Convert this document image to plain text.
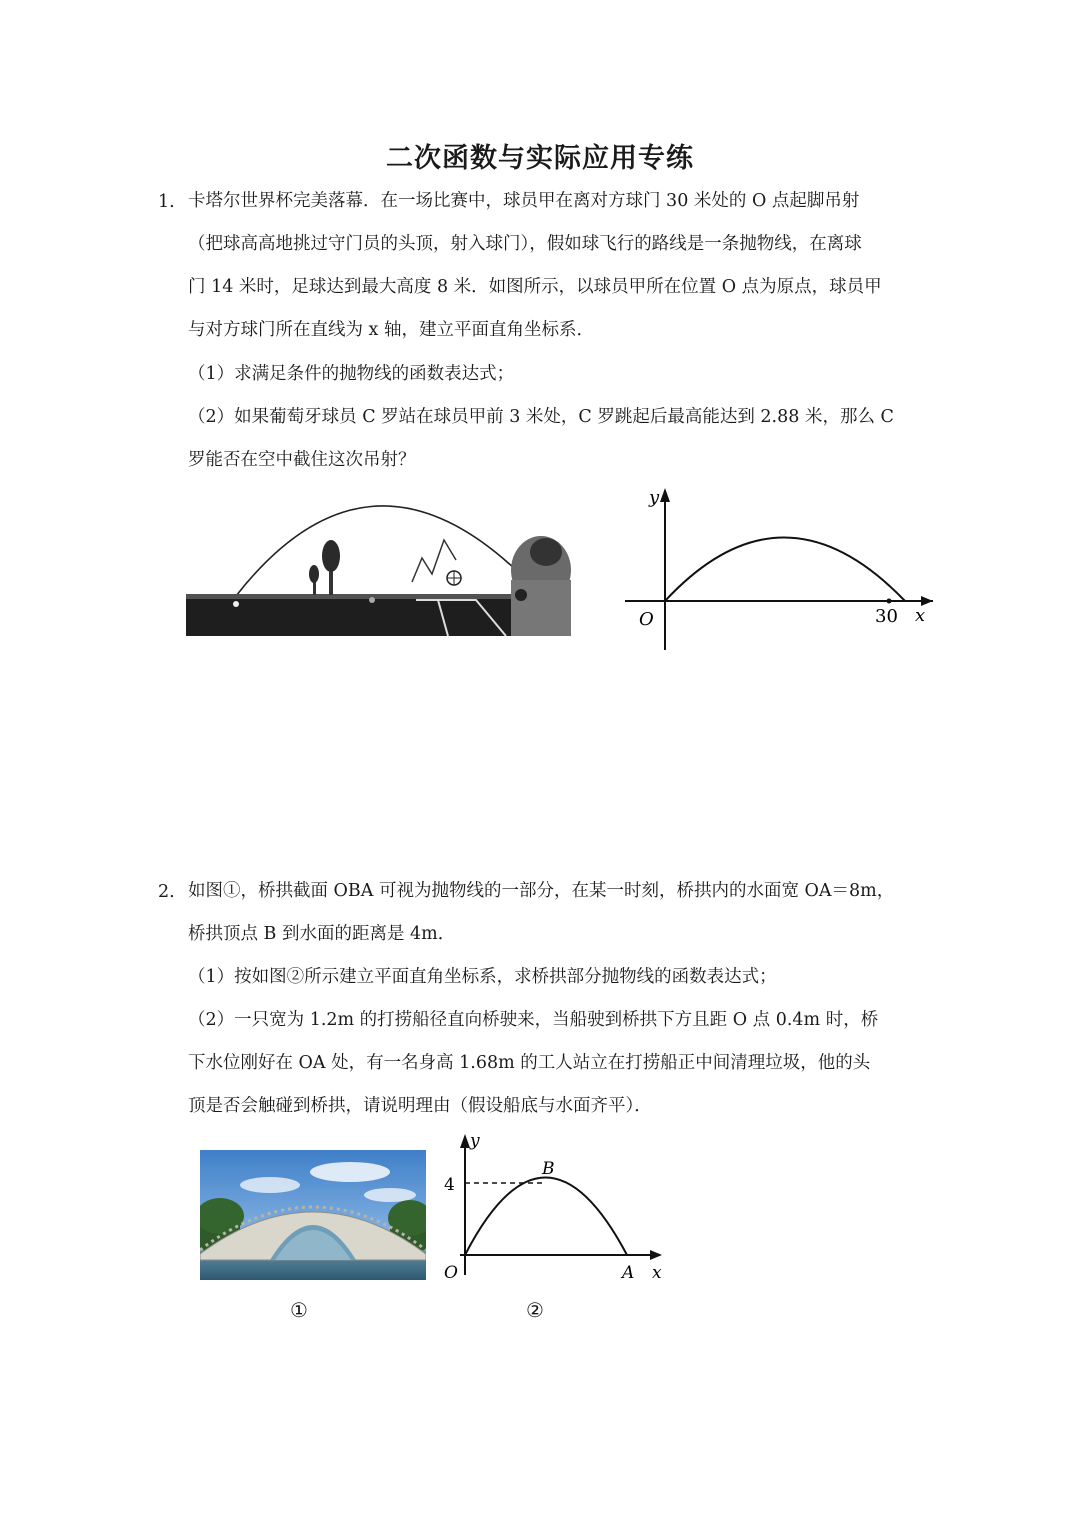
二次函数与实际应用专练
1. 卡塔尔世界杯完美落幕．在一场比赛中，球员甲在离对方球门 30 米处的 O 点起脚吊射
（把球高高地挑过守门员的头顶，射入球门），假如球飞行的路线是一条抛物线，在离球
门 14 米时，足球达到最大高度 8 米．如图所示，以球员甲所在位置 O 点为原点，球员甲
与对方球门所在直线为 x 轴，建立平面直角坐标系．
（1）求满足条件的抛物线的函数表达式；
（2）如果葡萄牙球员 C 罗站在球员甲前 3 米处，C 罗跳起后最高能达到 2.88 米，那么 C
罗能否在空中截住这次吊射？
y
x
O	30
2. 如图①，桥拱截面 OBA 可视为抛物线的一部分，在某一时刻，桥拱内的水面宽 OA＝8m，
桥拱顶点 B 到水面的距离是 4m．
（1）按如图②所示建立平面直角坐标系，求桥拱部分抛物线的函数表达式；
（2）一只宽为 1.2m 的打捞船径直向桥驶来，当船驶到桥拱下方且距 O 点 0.4m 时，桥
下水位刚好在 OA 处，有一名身高 1.68m 的工人站立在打捞船正中间清理垃圾，他的头
顶是否会触碰到桥拱，请说明理由（假设船底与水面齐平）．
①
y
x
O
4
B
A
②
